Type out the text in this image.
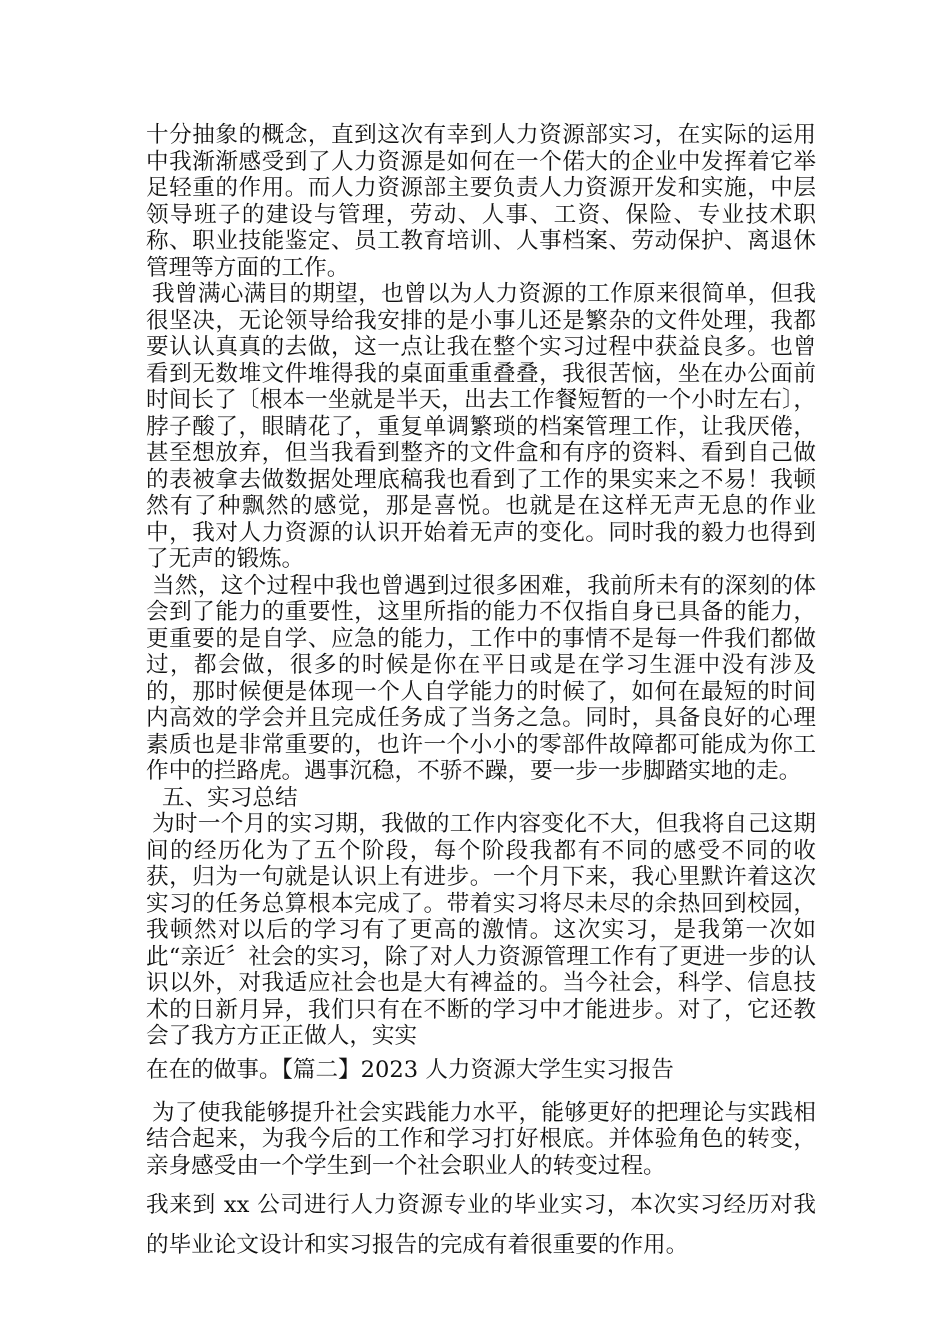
十分抽象的概念，直到这次有幸到人力资源部实习，在实际的运用中我渐渐感受到了人力资源是如何在一个偌大的企业中发挥着它举足轻重的作用。而人力资源部主要负责人力资源开发和实施，中层领导班子的建设与管理，劳动、人事、工资、保险、专业技术职称、职业技能鉴定、员工教育培训、人事档案、劳动保护、离退休管理等方面的工作。

我曾满心满目的期望，也曾以为人力资源的工作原来很简单，但我很坚决，无论领导给我安排的是小事儿还是繁杂的文件处理，我都要认认真真的去做，这一点让我在整个实习过程中获益良多。也曾看到无数堆文件堆得我的桌面重重叠叠，我很苦恼，坐在办公面前时间长了〔根本一坐就是半天，出去工作餐短暂的一个小时左右〕，脖子酸了，眼睛花了，重复单调繁琐的档案管理工作，让我厌倦，甚至想放弃，但当我看到整齐的文件盒和有序的资料、看到自己做的表被拿去做数据处理底稿我也看到了工作的果实来之不易！我顿然有了种飘然的感觉，那是喜悦。也就是在这样无声无息的作业中，我对人力资源的认识开始着无声的变化。同时我的毅力也得到了无声的锻炼。

当然，这个过程中我也曾遇到过很多困难，我前所未有的深刻的体会到了能力的重要性，这里所指的能力不仅指自身已具备的能力，更重要的是自学、应急的能力，工作中的事情不是每一件我们都做过，都会做，很多的时候是你在平日或是在学习生涯中没有涉及的，那时候便是体现一个人自学能力的时候了，如何在最短的时间内高效的学会并且完成任务成了当务之急。同时，具备良好的心理素质也是非常重要的，也许一个小小的零部件故障都可能成为你工作中的拦路虎。遇事沉稳，不骄不躁，要一步一步脚踏实地的走。

五、实习总结

为时一个月的实习期，我做的工作内容变化不大，但我将自己这期间的经历化为了五个阶段，每个阶段我都有不同的感受不同的收获，归为一句就是认识上有进步。一个月下来，我心里默许着这次实习的任务总算根本完成了。带着实习将尽未尽的余热回到校园，我顿然对以后的学习有了更高的激情。这次实习，是我第一次如此“亲近〞社会的实习，除了对人力资源管理工作有了更进一步的认识以外，对我适应社会也是大有裨益的。当今社会，科学、信息技术的日新月异，我们只有在不断的学习中才能进步。对了，它还教会了我方方正正做人，实实

在在的做事。【篇二】2023 人力资源大学生实习报告

为了使我能够提升社会实践能力水平，能够更好的把理论与实践相结合起来，为我今后的工作和学习打好根底。并体验角色的转变，亲身感受由一个学生到一个社会职业人的转变过程。

我来到 xx 公司进行人力资源专业的毕业实习，本次实习经历对我的毕业论文设计和实习报告的完成有着很重要的作用。
